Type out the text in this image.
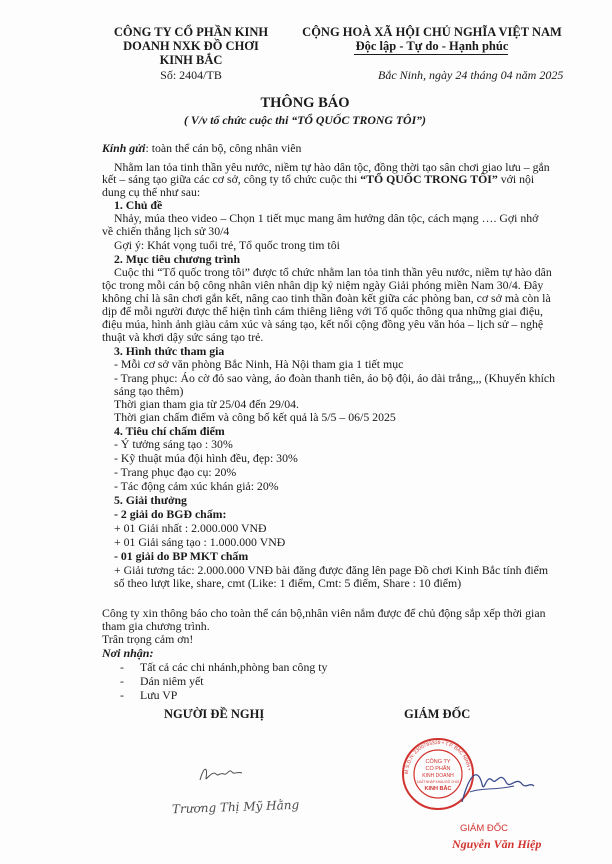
CÔNG TY CỔ PHẦN KINH
DOANH NXK ĐỒ CHƠI
KINH BẮC
Số: 2404/TB
CỘNG HOÀ XÃ HỘI CHỦ NGHĨA VIỆT NAM
Độc lập - Tự do - Hạnh phúc
Bắc Ninh, ngày 24 tháng 04 năm 2025
THÔNG BÁO
( V/v tổ chức cuộc thi “TỔ QUỐC TRONG TÔI”)
Kính gửi: toàn thể cán bộ, công nhân viên
Nhằm lan tỏa tinh thần yêu nước, niềm tự hào dân tộc, đồng thời tạo sân chơi giao lưu – gắn
kết – sáng tạo giữa các cơ sở, công ty tổ chức cuộc thi “TỔ QUỐC TRONG TÔI” với nội
dung cụ thể như sau:
1. Chủ đề
Nhảy, múa theo video – Chọn 1 tiết mục mang âm hưởng dân tộc, cách mạng …. Gợi nhớ
về chiến thắng lịch sử 30/4
Gợi ý: Khát vọng tuổi trẻ, Tổ quốc trong tim tôi
2. Mục tiêu chương trình
Cuộc thi “Tổ quốc trong tôi” được tổ chức nhằm lan tỏa tinh thần yêu nước, niềm tự hào dân
tộc trong mỗi cán bộ công nhân viên nhân dịp kỷ niệm ngày Giải phóng miền Nam 30/4. Đây
không chỉ là sân chơi gắn kết, nâng cao tinh thần đoàn kết giữa các phòng ban, cơ sở mà còn là
dịp để mỗi người được thể hiện tình cảm thiêng liêng với Tổ quốc thông qua những giai điệu,
điệu múa, hình ảnh giàu cảm xúc và sáng tạo, kết nối cộng đồng yêu văn hóa – lịch sử – nghệ
thuật và khơi dậy sức sáng tạo trẻ.
3. Hình thức tham gia
- Mỗi cơ sở văn phòng Bắc Ninh, Hà Nội tham gia 1 tiết mục
- Trang phục: Áo cờ đỏ sao vàng, áo đoàn thanh tiên, áo bộ đội, áo dài trắng,,, (Khuyến khích
sáng tạo thêm)
Thời gian tham gia từ 25/04 đến 29/04.
Thời gian chấm điểm và công bố kết quả là 5/5 – 06/5 2025
4. Tiêu chí chấm điểm
- Ý tưởng sáng tạo : 30%
- Kỹ thuật múa đội hình đều, đẹp: 30%
- Trang phục đạo cụ: 20%
- Tác động cảm xúc khán giả: 20%
5. Giải thưởng
- 2 giải do BGĐ chấm:
+ 01 Giải nhất : 2.000.000 VNĐ
+ 01 Giải sáng tạo : 1.000.000 VNĐ
- 01 giải do BP MKT chấm
+ Giải tương tác: 2.000.000 VNĐ bài đăng được đăng lên page Đồ chơi Kinh Bắc tính điểm
số theo lượt like, share, cmt (Like: 1 điểm, Cmt: 5 điểm, Share : 10 điểm)
Công ty xin thông báo cho toàn thể cán bộ,nhân viên nắm được để chủ động sắp xếp thời gian
tham gia chương trình.
Trân trọng cảm ơn!
Nơi nhận:
- Tất cả các chi nhánh,phòng ban công ty
- Dán niêm yết
- Lưu VP
NGƯỜI ĐỀ NGHỊ	GIÁM ĐỐC
Trương Thị Mỹ Hằng
CÔNG TY
CỔ PHẦN
KINH DOANH
XUẤT NHẬP KHẨU ĐỒ CHƠI
KINH BẮC
M.S.D.N: 2300783329 • T.P. BẮC NINH •
GIÁM ĐỐC
Nguyễn Văn Hiệp
